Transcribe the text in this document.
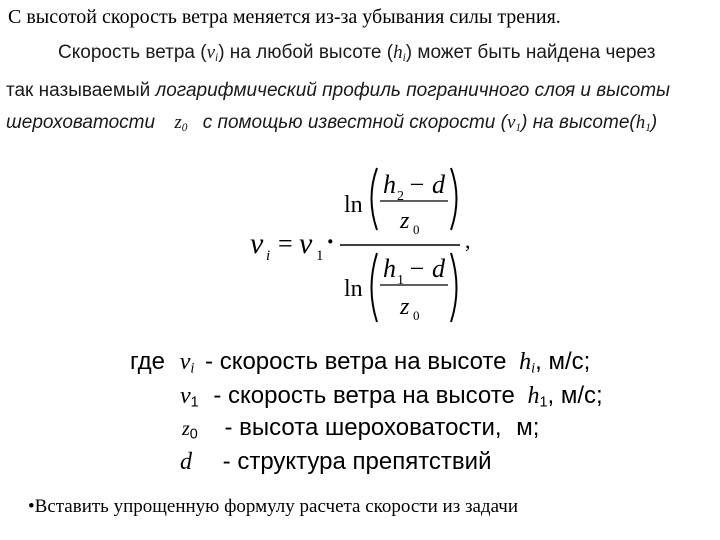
С высотой скорость ветра меняется из-за убывания силы трения.
Скорость ветра $(\nu_i)$ на любой высоте $(h_i)$ может быть найдена через
так называемый логарифмический профиль пограничного слоя и высоты
шероховатости $z_0$ с помощью известной скорости $(\nu_1)$ на $высоте(h_1)$
ν i = ν 1 ·
ln
h 2 − d
z 0
ln
h 1 − d
z 0
,
где $\nu_i$ - скорость ветра на высоте $h_i$, м/с;
$\nu_1$ - скорость ветра на высоте $h_1$, м/с;
$z_0$ - высота шероховатости, м;
d - структура препятствий
•Вставить упрощенную формулу расчета скорости из задачи
